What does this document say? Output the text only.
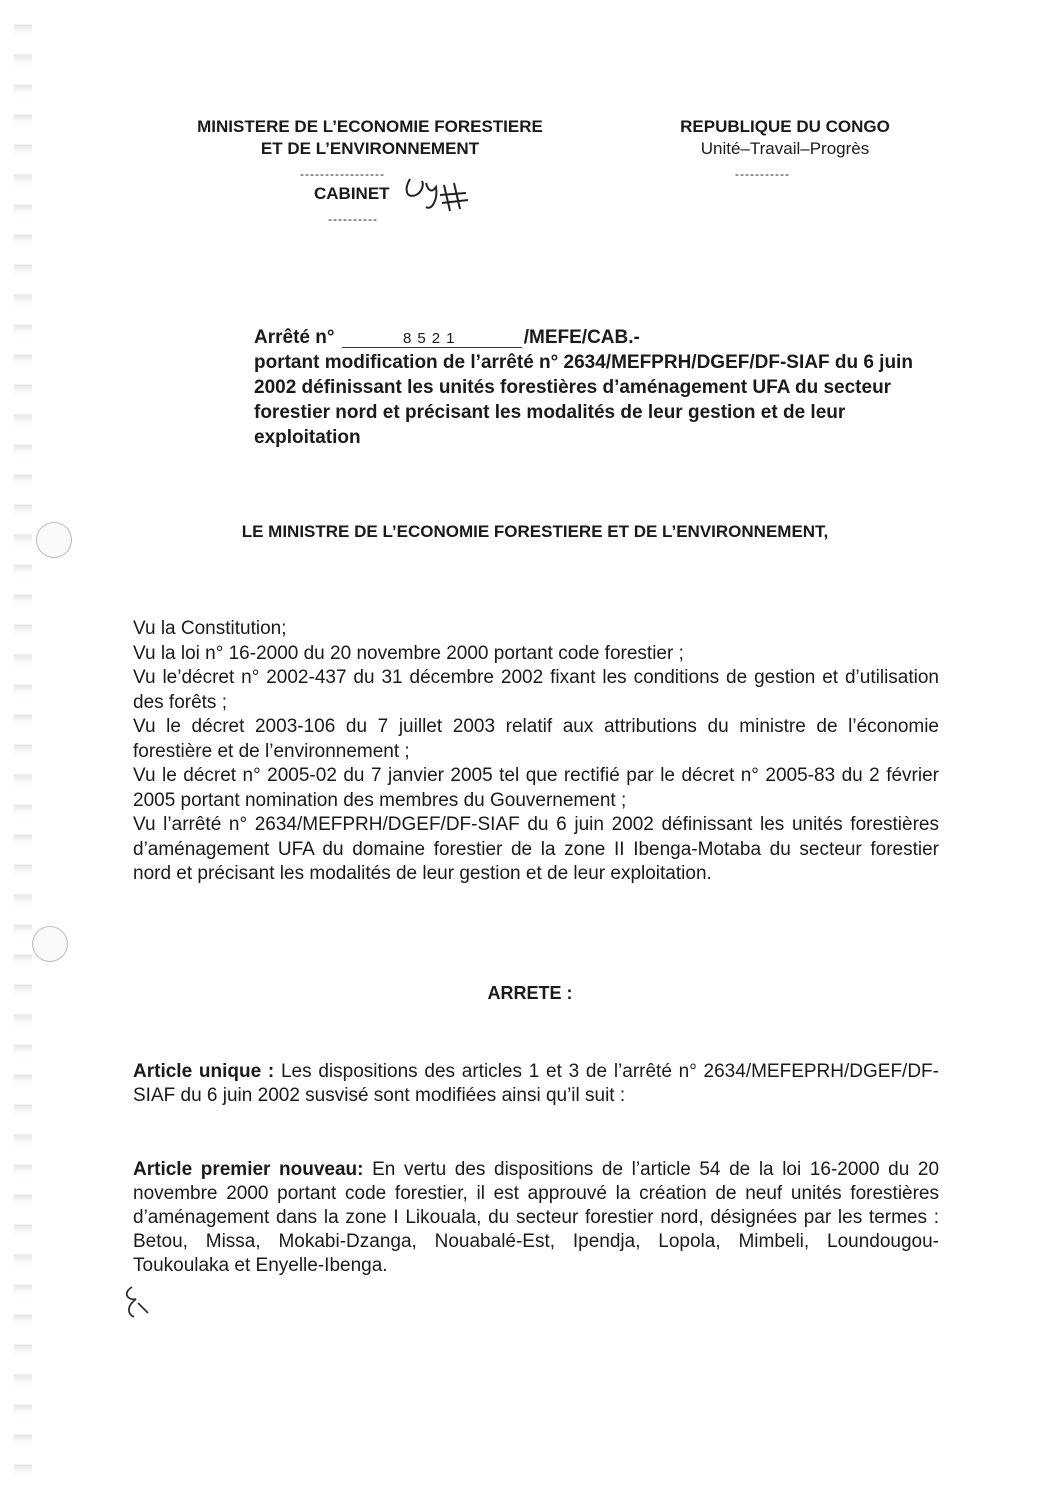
MINISTERE DE L’ECONOMIE FORESTIERE
ET DE L’ENVIRONNEMENT
REPUBLIQUE DU CONGO
Unité–Travail–Progrès
-----------
-----------------
CABINET
----------
Arrêté n°	8521	/MEFE/CAB.-
portant modification de l’arrêté n° 2634/MEFPRH/DGEF/DF-SIAF du 6 juin 2002 définissant les unités forestières d’aménagement UFA du secteur forestier nord et précisant les modalités de leur gestion et de leur exploitation
LE MINISTRE DE L’ECONOMIE FORESTIERE ET DE L’ENVIRONNEMENT,

Vu la Constitution;

Vu la loi n° 16-2000 du 20 novembre 2000 portant code forestier ;

Vu le’décret n° 2002-437 du 31 décembre 2002 fixant les conditions de gestion et d’utilisation des forêts ;

Vu le décret 2003-106 du 7 juillet 2003 relatif aux attributions du ministre de l’économie forestière et de l’environnement ;

Vu le décret n° 2005-02 du 7 janvier 2005 tel que rectifié par le décret n° 2005-83 du 2 février 2005 portant nomination des membres du Gouvernement ;

Vu l’arrêté n° 2634/MEFPRH/DGEF/DF-SIAF du 6 juin 2002 définissant les unités forestières d’aménagement UFA du domaine forestier de la zone II Ibenga-Motaba du secteur forestier nord et précisant les modalités de leur gestion et de leur exploitation.

ARRETE :

Article unique : Les dispositions des articles 1 et 3 de l’arrêté n° 2634/MEFEPRH/DGEF/DF-SIAF du 6 juin 2002 susvisé sont modifiées ainsi qu’il suit :

Article premier nouveau: En vertu des dispositions de l’article 54 de la loi 16-2000 du 20 novembre 2000 portant code forestier, il est approuvé la création de neuf unités forestières d’aménagement dans la zone I Likouala, du secteur forestier nord, désignées par les termes : Betou, Missa, Mokabi-Dzanga, Nouabalé-Est, Ipendja, Lopola, Mimbeli, Loundougou-Toukoulaka et Enyelle-Ibenga.
